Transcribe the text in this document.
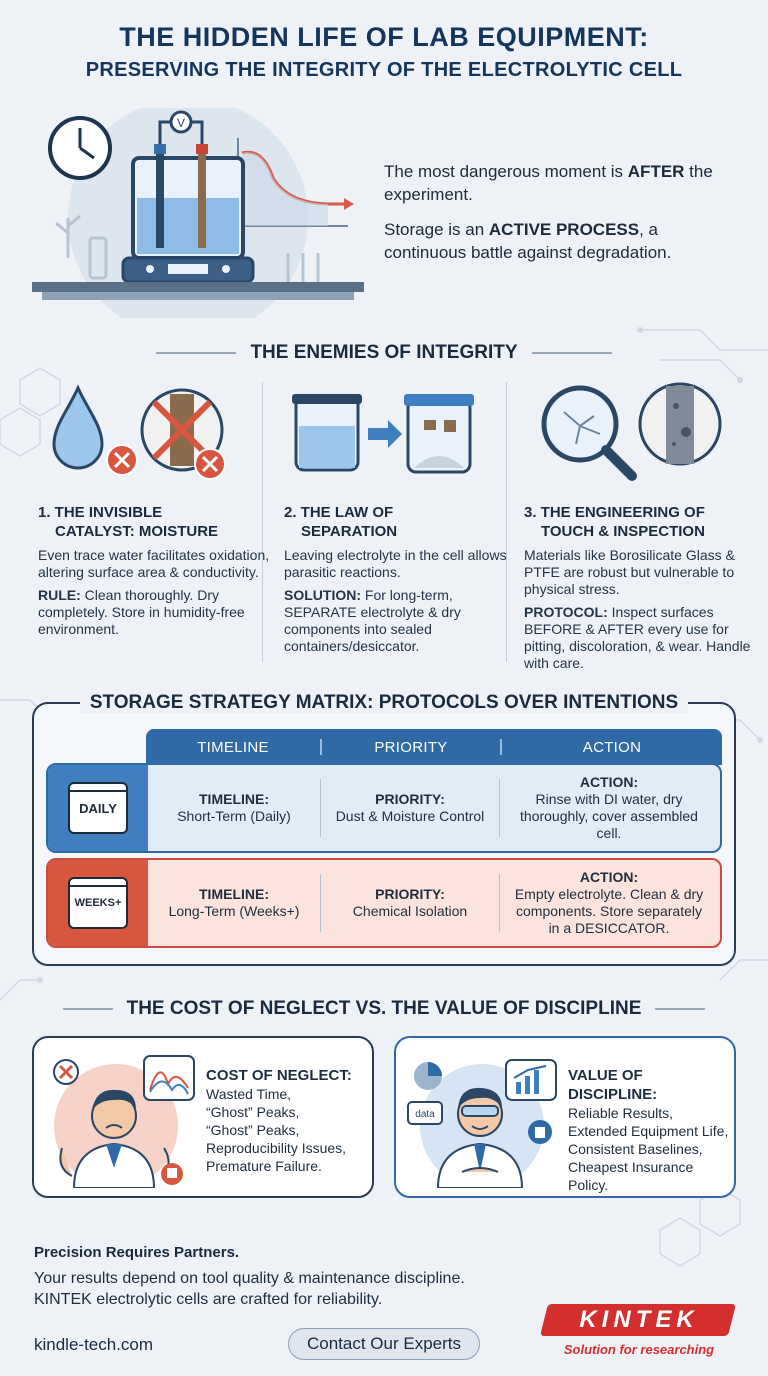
THE HIDDEN LIFE OF LAB EQUIPMENT:
PRESERVING THE INTEGRITY OF THE ELECTROLYTIC CELL
V

The most dangerous moment is AFTER the experiment.

Storage is an ACTIVE PROCESS, a continuous battle against degradation.

THE ENEMIES OF INTEGRITY
1. THE INVISIBLE
CATALYST: MOISTURE

Even trace water facilitates oxidation, altering surface area & conductivity.

RULE: Clean thoroughly. Dry completely. Store in humidity-free environment.

2. THE LAW OF
SEPARATION

Leaving electrolyte in the cell allows parasitic reactions.

SOLUTION: For long-term, SEPARATE electrolyte & dry components into sealed containers/desiccator.

3. THE ENGINEERING OF
TOUCH & INSPECTION

Materials like Borosilicate Glass & PTFE are robust but vulnerable to physical stress.

PROTOCOL: Inspect surfaces BEFORE & AFTER every use for pitting, discoloration, & wear. Handle with care.

STORAGE STRATEGY MATRIX: PROTOCOLS OVER INTENTIONS
TIMELINE	PRIORITY	ACTION
DAILY
TIMELINE:
Short-Term (Daily)
PRIORITY:
Dust & Moisture Control
ACTION:
Rinse with DI water, dry thoroughly, cover assembled cell.
WEEKS+
TIMELINE:
Long-Term (Weeks+)
PRIORITY:
Chemical Isolation
ACTION:
Empty electrolyte. Clean & dry components. Store separately in a DESICCATOR.
THE COST OF NEGLECT VS. THE VALUE OF DISCIPLINE
COST OF NEGLECT:
Wasted Time,
“Ghost” Peaks,
“Ghost” Peaks,
Reproducibility Issues,
Premature Failure.
data
VALUE OF DISCIPLINE:
Reliable Results,
Extended Equipment Life,
Consistent Baselines,
Cheapest Insurance
Policy.
Precision Requires Partners.
Your results depend on tool quality & maintenance discipline.
KINTEK electrolytic cells are crafted for reliability.
kindle-tech.com	Contact Our Experts
KINTEK
Solution for researching
